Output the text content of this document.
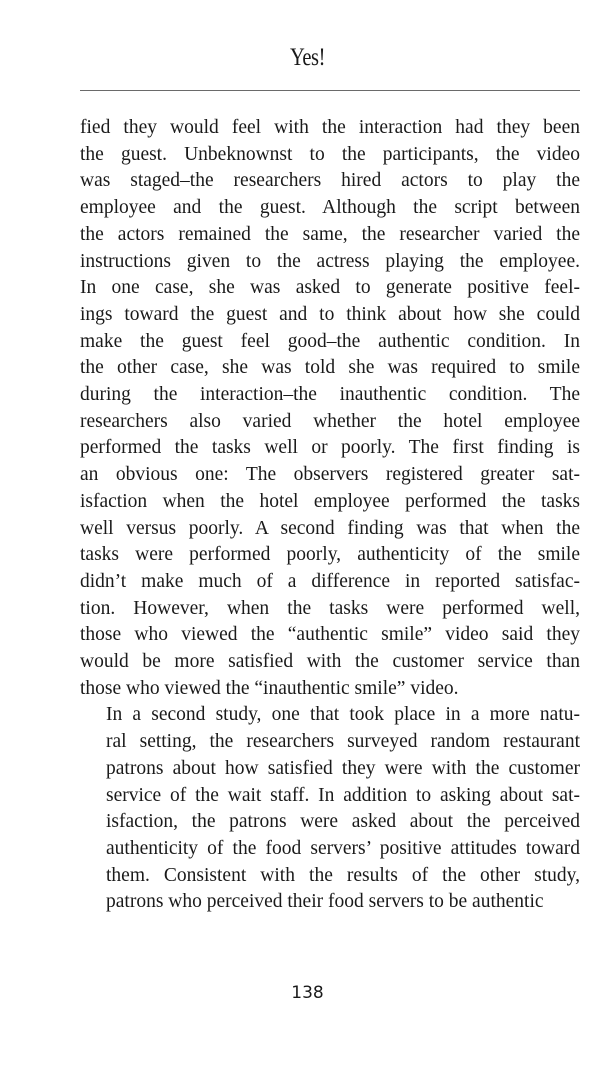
Yes!

fied they would feel with the interaction had they been
the guest. Unbeknownst to the participants, the video
was staged–the researchers hired actors to play the
employee and the guest. Although the script between
the actors remained the same, the researcher varied the
instructions given to the actress playing the employee.
In one case, she was asked to generate positive feel-
ings toward the guest and to think about how she could
make the guest feel good–the authentic condition. In
the other case, she was told she was required to smile
during the interaction–the inauthentic condition. The
researchers also varied whether the hotel employee
performed the tasks well or poorly. The first finding is
an obvious one: The observers registered greater sat-
isfaction when the hotel employee performed the tasks
well versus poorly. A second finding was that when the
tasks were performed poorly, authenticity of the smile
didn’t make much of a difference in reported satisfac-
tion. However, when the tasks were performed well,
those who viewed the “authentic smile” video said they
would be more satisfied with the customer service than
those who viewed the “inauthentic smile” video.

In a second study, one that took place in a more natu-
ral setting, the researchers surveyed random restaurant
patrons about how satisfied they were with the customer
service of the wait staff. In addition to asking about sat-
isfaction, the patrons were asked about the perceived
authenticity of the food servers’ positive attitudes toward
them. Consistent with the results of the other study,
patrons who perceived their food servers to be authentic

138
